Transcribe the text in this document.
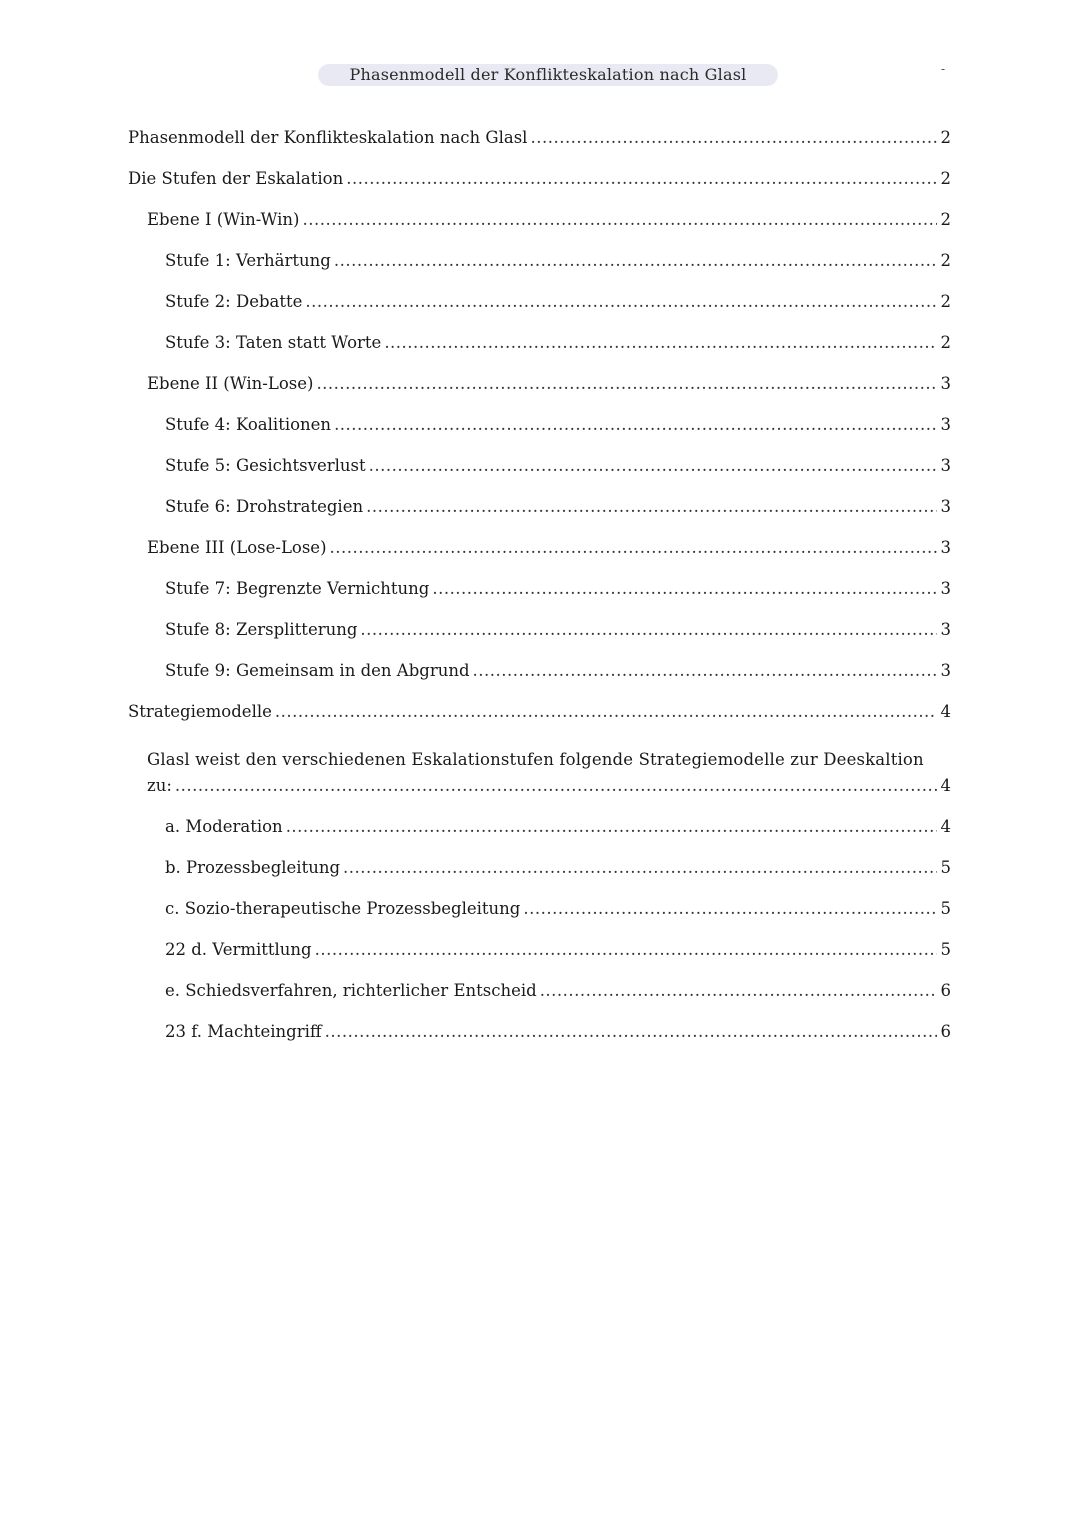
Phasenmodell der Konflikteskalation nach Glasl	-
Phasenmodell der Konflikteskalation nach Glasl .....	2
Die Stufen der Eskalation .....	2
Ebene I (Win-Win) .....	2
Stufe 1: Verhärtung .....	2
Stufe 2: Debatte .....	2
Stufe 3: Taten statt Worte .....	2
Ebene II (Win-Lose) .....	3
Stufe 4: Koalitionen .....	3
Stufe 5: Gesichtsverlust .....	3
Stufe 6: Drohstrategien .....	3
Ebene III (Lose-Lose) .....	3
Stufe 7: Begrenzte Vernichtung .....	3
Stufe 8: Zersplitterung .....	3
Stufe 9: Gemeinsam in den Abgrund .....	3
Strategiemodelle .....	4
Glasl weist den verschiedenen Eskalationstufen folgende Strategiemodelle zur Deeskaltion
zu: .....	4
a. Moderation .....	4
b. Prozessbegleitung .....	5
c. Sozio-therapeutische Prozessbegleitung .....	5
22 d. Vermittlung .....	5
e. Schiedsverfahren, richterlicher Entscheid .....	6
23 f. Machteingriff .....	6
